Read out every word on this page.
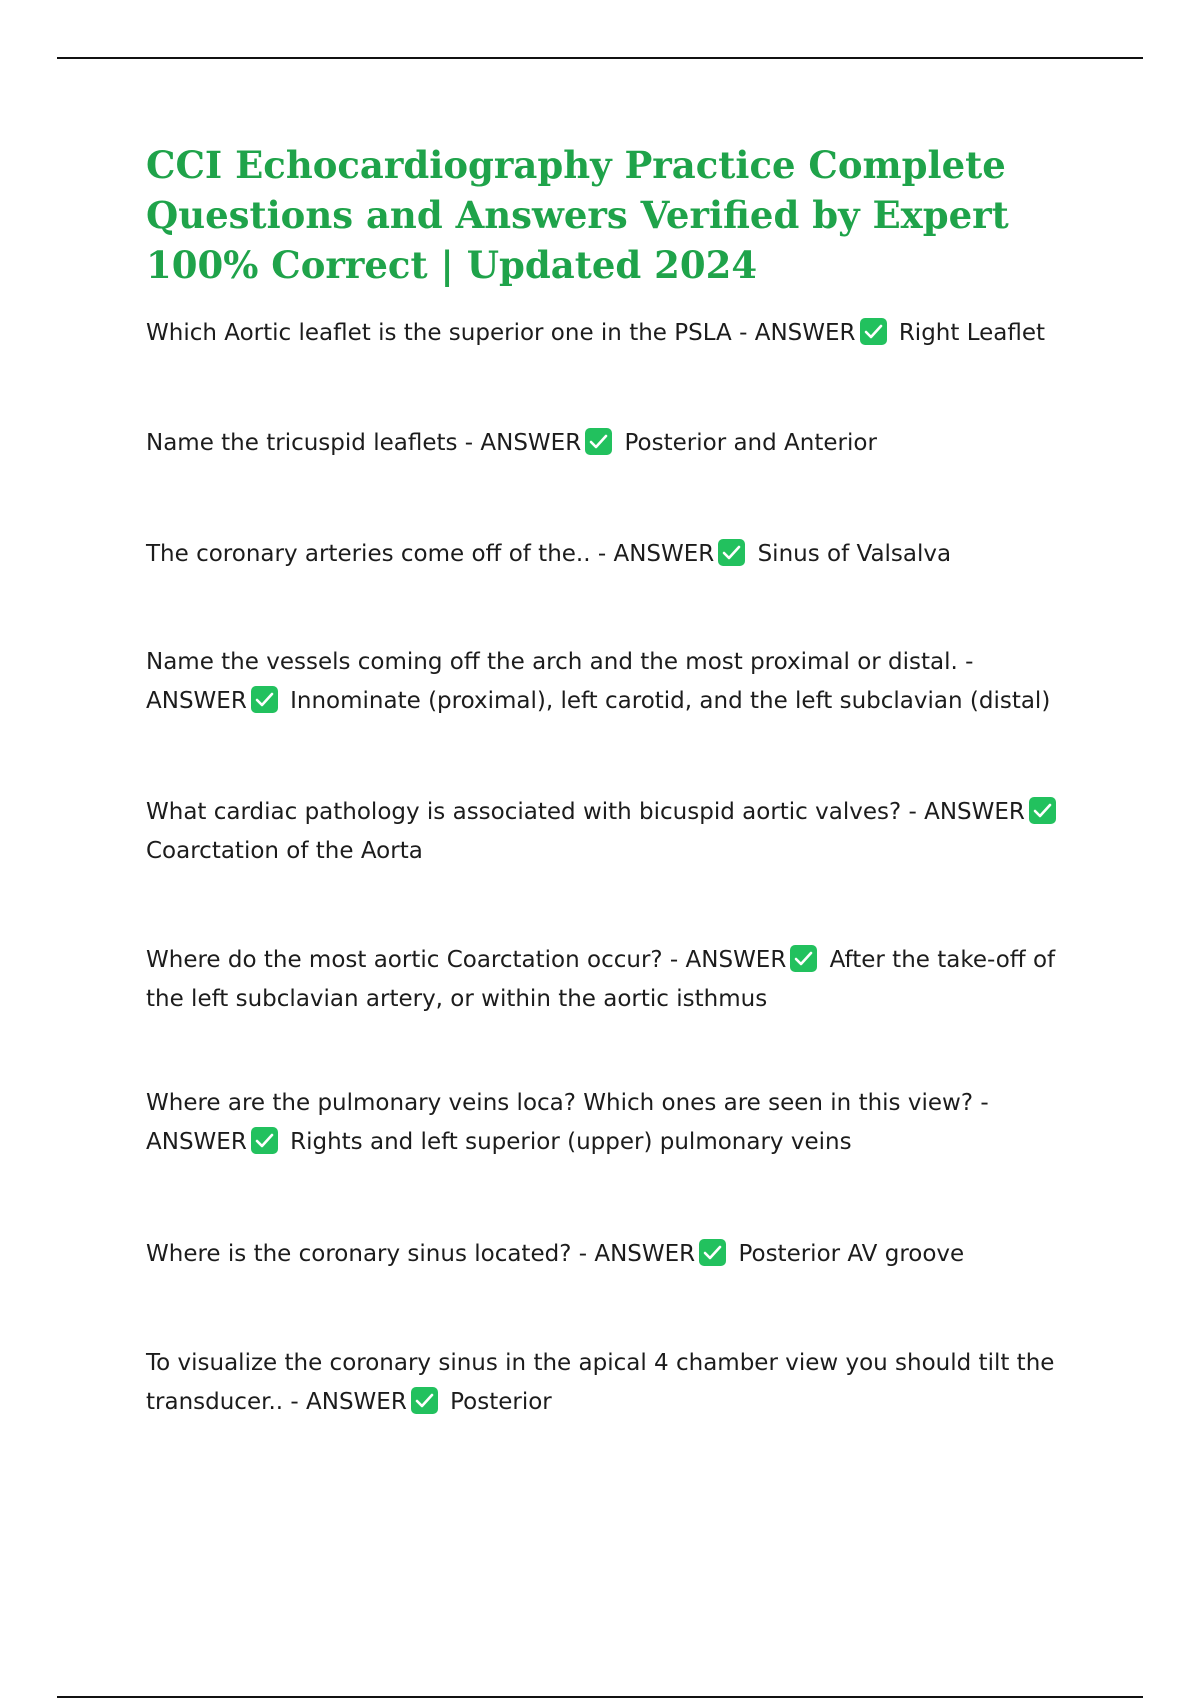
CCI Echocardiography Practice Complete Questions and Answers Verified by Expert 100% Correct | Updated 2024

Which Aortic leaflet is the superior one in the PSLA - ANSWER Right Leaflet

Name the tricuspid leaflets - ANSWER Posterior and Anterior

The coronary arteries come off of the.. - ANSWER Sinus of Valsalva

Name the vessels coming off the arch and the most proximal or distal. - ANSWER Innominate (proximal), left carotid, and the left subclavian (distal)

What cardiac pathology is associated with bicuspid aortic valves? - ANSWER
Coarctation of the Aorta

Where do the most aortic Coarctation occur? - ANSWER After the take-off of the left subclavian artery, or within the aortic isthmus

Where are the pulmonary veins loca? Which ones are seen in this view? - ANSWER Rights and left superior (upper) pulmonary veins

Where is the coronary sinus located? - ANSWER Posterior AV groove

To visualize the coronary sinus in the apical 4 chamber view you should tilt the transducer.. - ANSWER Posterior
